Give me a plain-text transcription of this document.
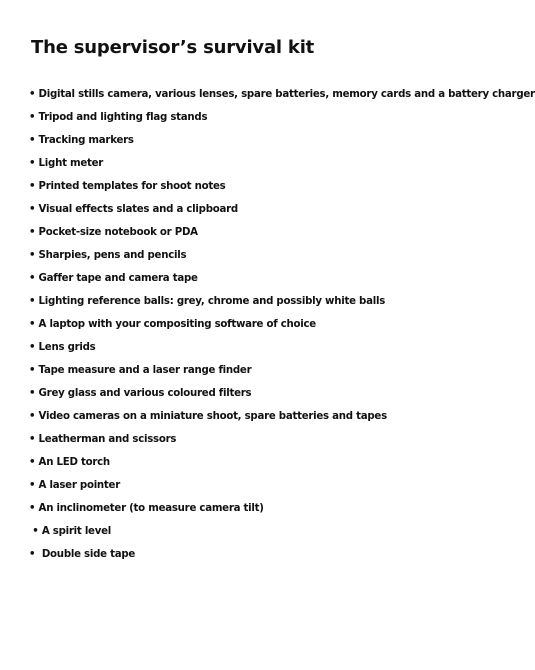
The supervisor’s survival kit
• Digital stills camera, various lenses, spare batteries, memory cards and a battery charger
• Tripod and lighting flag stands
• Tracking markers
• Light meter
• Printed templates for shoot notes
• Visual effects slates and a clipboard
• Pocket-size notebook or PDA
• Sharpies, pens and pencils
• Gaffer tape and camera tape
• Lighting reference balls: grey, chrome and possibly white balls
• A laptop with your compositing software of choice
• Lens grids
• Tape measure and a laser range finder
• Grey glass and various coloured filters
• Video cameras on a miniature shoot, spare batteries and tapes
• Leatherman and scissors
• An LED torch
• A laser pointer
• An inclinometer (to measure camera tilt)
• A spirit level
•  Double side tape
